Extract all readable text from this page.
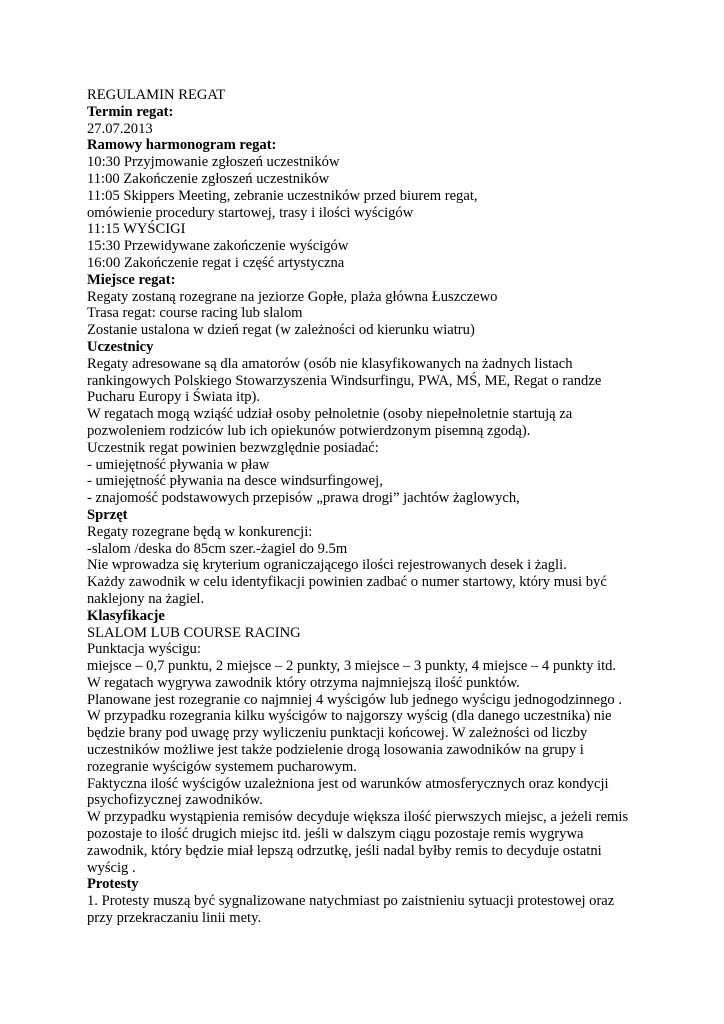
REGULAMIN REGAT
Termin regat:
27.07.2013
Ramowy harmonogram regat:
10:30 Przyjmowanie zgłoszeń uczestników
11:00 Zakończenie zgłoszeń uczestników
11:05 Skippers Meeting, zebranie uczestników przed biurem regat,
omówienie procedury startowej, trasy i ilości wyścigów
11:15 WYŚCIGI
15:30 Przewidywane zakończenie wyścigów
16:00 Zakończenie regat i część artystyczna
Miejsce regat:
Regaty zostaną rozegrane na jeziorze Gopłe, plaża główna Łuszczewo
Trasa regat: course racing lub slalom
Zostanie ustalona w dzień regat (w zależności od kierunku wiatru)
Uczestnicy
Regaty adresowane są dla amatorów (osób nie klasyfikowanych na żadnych listach
rankingowych Polskiego Stowarzyszenia Windsurfingu, PWA, MŚ, ME, Regat o randze
Pucharu Europy i Świata itp).
W regatach mogą wziąść udział osoby pełnoletnie (osoby niepełnoletnie startują za
pozwoleniem rodziców lub ich opiekunów potwierdzonym pisemną zgodą).
Uczestnik regat powinien bezwzględnie posiadać:
- umiejętność pływania w pław
- umiejętność pływania na desce windsurfingowej,
- znajomość podstawowych przepisów „prawa drogi” jachtów żaglowych,
Sprzęt
Regaty rozegrane będą w konkurencji:
-slalom /deska do 85cm szer.-żagiel do 9.5m
Nie wprowadza się kryterium ograniczającego ilości rejestrowanych desek i żagli.
Każdy zawodnik w celu identyfikacji powinien zadbać o numer startowy, który musi być
naklejony na żagiel.
Klasyfikacje
SLALOM LUB COURSE RACING
Punktacja wyścigu:
miejsce – 0,7 punktu, 2 miejsce – 2 punkty, 3 miejsce – 3 punkty, 4 miejsce – 4 punkty itd.
W regatach wygrywa zawodnik który otrzyma najmniejszą ilość punktów.
Planowane jest rozegranie co najmniej 4 wyścigów lub jednego wyścigu jednogodzinnego .
W przypadku rozegrania kilku wyścigów to najgorszy wyścig (dla danego uczestnika) nie
będzie brany pod uwagę przy wyliczeniu punktacji końcowej. W zależności od liczby
uczestników możliwe jest także podzielenie drogą losowania zawodników na grupy i
rozegranie wyścigów systemem pucharowym.
Faktyczna ilość wyścigów uzależniona jest od warunków atmosferycznych oraz kondycji
psychofizycznej zawodników.
W przypadku wystąpienia remisów decyduje większa ilość pierwszych miejsc, a jeżeli remis
pozostaje to ilość drugich miejsc itd. jeśli w dalszym ciągu pozostaje remis wygrywa
zawodnik, który będzie miał lepszą odrzutkę, jeśli nadal byłby remis to decyduje ostatni
wyścig .
Protesty
1. Protesty muszą być sygnalizowane natychmiast po zaistnieniu sytuacji protestowej oraz
przy przekraczaniu linii mety.
